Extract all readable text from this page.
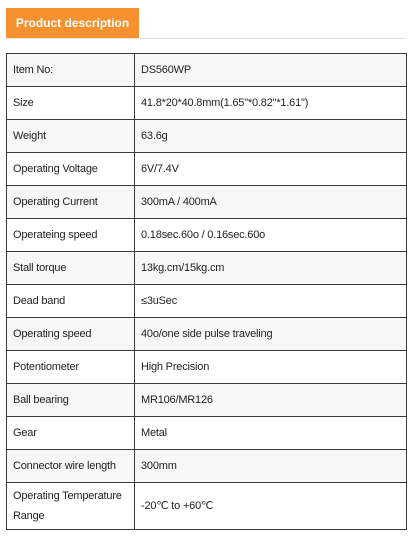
Product description
Item No:	DS560WP
Size	41.8*20*40.8mm(1.65"*0.82"*1.61")
Weight	63.6g
Operating Voltage	6V/7.4V
Operating Current	300mA / 400mA
Operateing speed	0.18sec.60o / 0.16sec.60o
Stall torque	13kg.cm/15kg.cm
Dead band	≤3uSec
Operating speed	40o/one side pulse traveling
Potentiometer	High Precision
Ball bearing	MR106/MR126
Gear	Metal
Connector wire length	300mm
Operating Temperature Range	-20℃ to +60℃
